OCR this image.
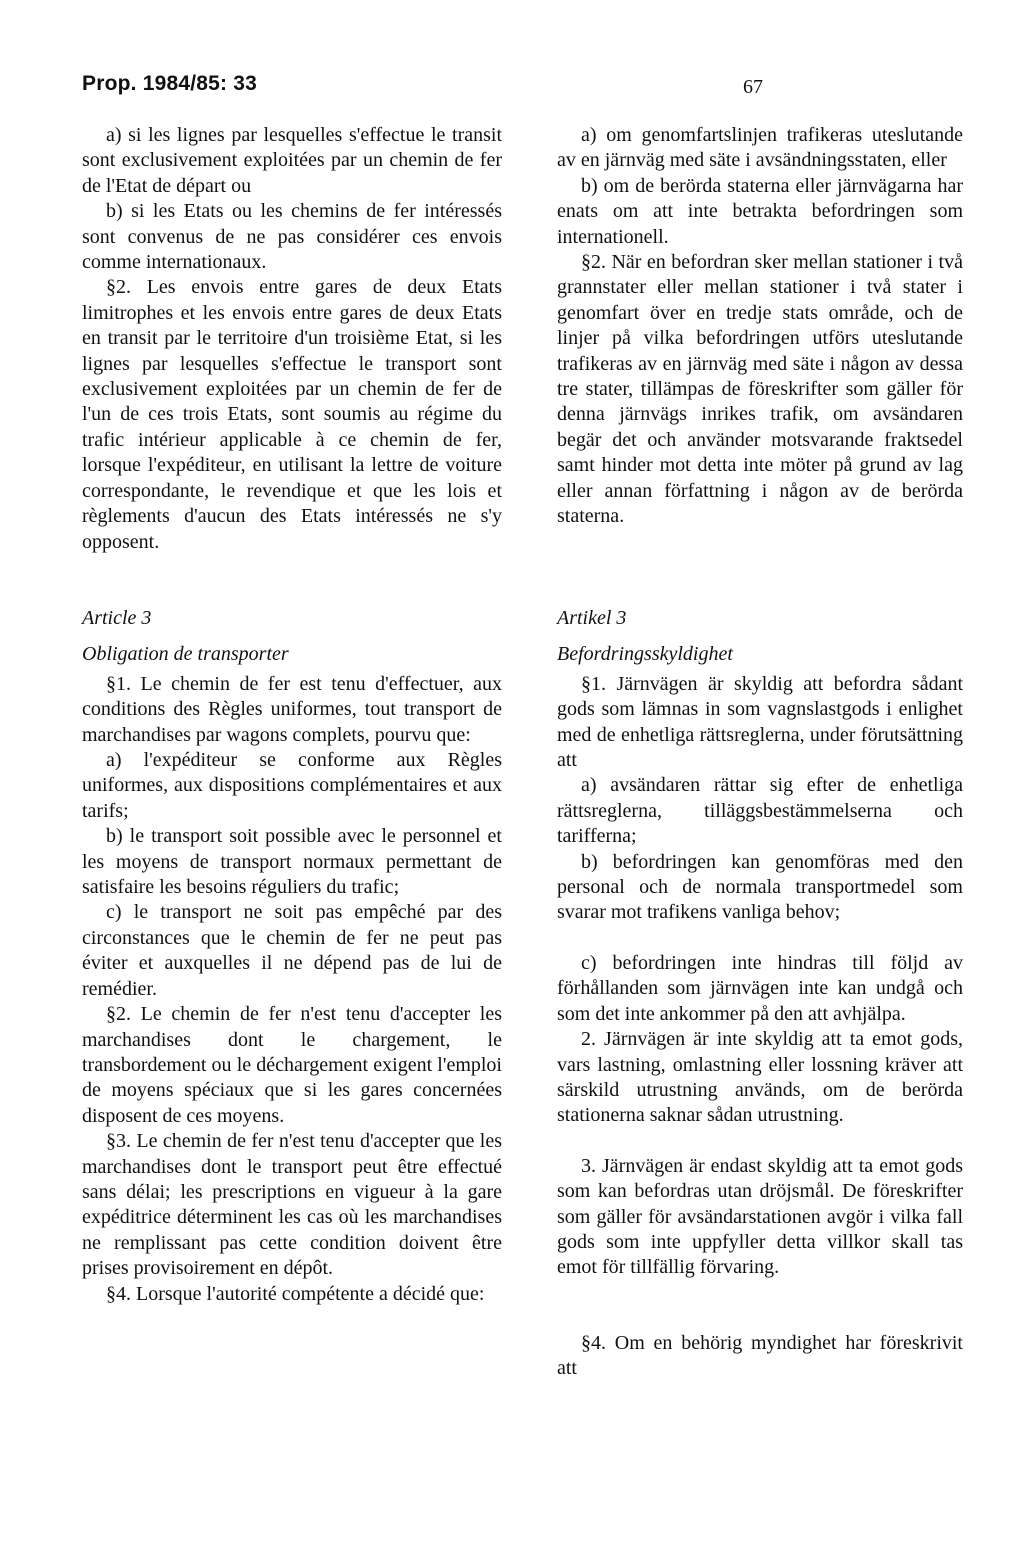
Prop. 1984/85: 33	67

a) si les lignes par lesquelles s'effectue le transit sont exclusivement exploitées par un chemin de fer de l'Etat de départ ou

b) si les Etats ou les chemins de fer intéressés sont convenus de ne pas considérer ces envois comme internationaux.

§2. Les envois entre gares de deux Etats limitrophes et les envois entre gares de deux Etats en transit par le territoire d'un troisième Etat, si les lignes par lesquelles s'effectue le transport sont exclusivement exploitées par un chemin de fer de l'un de ces trois Etats, sont soumis au régime du trafic intérieur applicable à ce chemin de fer, lorsque l'expéditeur, en utilisant la lettre de voiture correspondante, le revendique et que les lois et règlements d'aucun des Etats intéressés ne s'y opposent.

Article 3

Obligation de transporter

§1. Le chemin de fer est tenu d'effectuer, aux conditions des Règles uniformes, tout transport de marchandises par wagons complets, pourvu que:

a) l'expéditeur se conforme aux Règles uniformes, aux dispositions complémentaires et aux tarifs;

b) le transport soit possible avec le personnel et les moyens de transport normaux permettant de satisfaire les besoins réguliers du trafic;

c) le transport ne soit pas empêché par des circonstances que le chemin de fer ne peut pas éviter et auxquelles il ne dépend pas de lui de remédier.

§2. Le chemin de fer n'est tenu d'accepter les marchandises dont le chargement, le transbordement ou le déchargement exigent l'emploi de moyens spéciaux que si les gares concernées disposent de ces moyens.

§3. Le chemin de fer n'est tenu d'accepter que les marchandises dont le transport peut être effectué sans délai; les prescriptions en vigueur à la gare expéditrice déterminent les cas où les marchandises ne remplissant pas cette condition doivent être prises provisoirement en dépôt.

§4. Lorsque l'autorité compétente a décidé que:

a) om genomfartslinjen trafikeras uteslutande av en järnväg med säte i avsändningsstaten, eller

b) om de berörda staterna eller järnvägarna har enats om att inte betrakta befordringen som internationell.

§2. När en befordran sker mellan stationer i två grannstater eller mellan stationer i två stater i genomfart över en tredje stats område, och de linjer på vilka befordringen utförs uteslutande trafikeras av en järnväg med säte i någon av dessa tre stater, tillämpas de föreskrifter som gäller för denna järnvägs inrikes trafik, om avsändaren begär det och använder motsvarande fraktsedel samt hinder mot detta inte möter på grund av lag eller annan författning i någon av de berörda staterna.

Artikel 3

Befordringsskyldighet

§1. Järnvägen är skyldig att befordra sådant gods som lämnas in som vagnslastgods i enlighet med de enhetliga rättsreglerna, under förutsättning att

a) avsändaren rättar sig efter de enhetliga rättsreglerna, tilläggsbestämmelserna och tarifferna;

b) befordringen kan genomföras med den personal och de normala transportmedel som svarar mot trafikens vanliga behov;

c) befordringen inte hindras till följd av förhållanden som järnvägen inte kan undgå och som det inte ankommer på den att avhjälpa.

2. Järnvägen är inte skyldig att ta emot gods, vars lastning, omlastning eller lossning kräver att särskild utrustning används, om de berörda stationerna saknar sådan utrustning.

3. Järnvägen är endast skyldig att ta emot gods som kan befordras utan dröjsmål. De föreskrifter som gäller för avsändarstationen avgör i vilka fall gods som inte uppfyller detta villkor skall tas emot för tillfällig förvaring.

§4. Om en behörig myndighet har föreskrivit att
